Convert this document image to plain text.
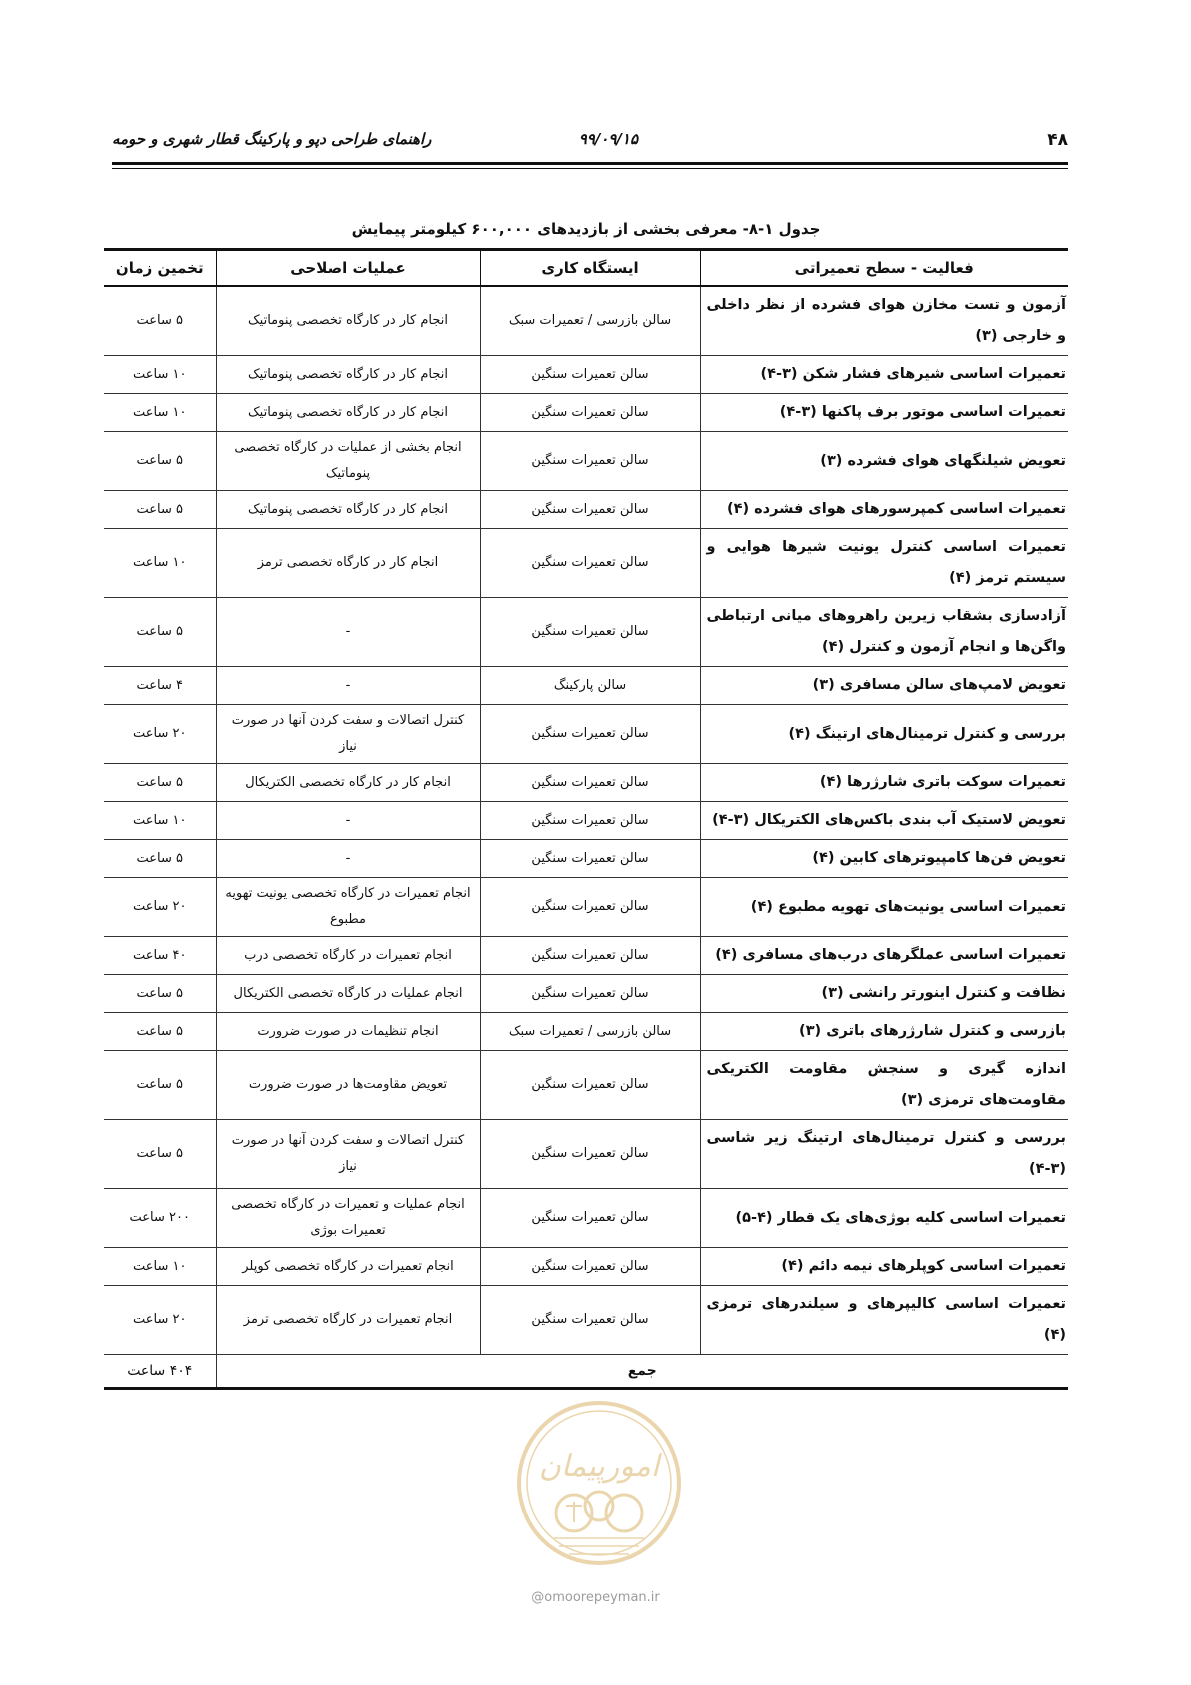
۴۸
۹۹/۰۹/۱۵
راهنمای طراحی دپو و پارکینگ قطار شهری و حومه
جدول ۱-۸- معرفی بخشی از بازدیدهای ۶۰۰,۰۰۰ کیلومتر پیمایش
فعالیت - سطح تعمیراتی	ایستگاه کاری	عملیات اصلاحی	تخمین زمان
آزمون و تست مخازن هوای فشرده از نظر داخلی و خارجی (۳)	سالن بازرسی / تعمیرات سبک	انجام کار در کارگاه تخصصی پنوماتیک	۵ ساعت
تعمیرات اساسی شیرهای فشار شکن (۳-۴)	سالن تعمیرات سنگین	انجام کار در کارگاه تخصصی پنوماتیک	۱۰ ساعت
تعمیرات اساسی موتور برف پاکنها (۳-۴)	سالن تعمیرات سنگین	انجام کار در کارگاه تخصصی پنوماتیک	۱۰ ساعت
تعویض شیلنگهای هوای فشرده (۳)	سالن تعمیرات سنگین	انجام بخشی از عملیات در کارگاه تخصصی پنوماتیک	۵ ساعت
تعمیرات اساسی کمپرسورهای هوای فشرده (۴)	سالن تعمیرات سنگین	انجام کار در کارگاه تخصصی پنوماتیک	۵ ساعت
تعمیرات اساسی کنترل یونیت شیرها هوایی و سیستم ترمز (۴)	سالن تعمیرات سنگین	انجام کار در کارگاه تخصصی ترمز	۱۰ ساعت
آزادسازی بشقاب زیرین راهروهای میانی ارتباطی واگن‌ها و انجام آزمون و کنترل (۴)	سالن تعمیرات سنگین	-	۵ ساعت
تعویض لامپ‌های سالن مسافری (۳)	سالن پارکینگ	-	۴ ساعت
بررسی و کنترل ترمینال‌های ارتینگ (۴)	سالن تعمیرات سنگین	کنترل اتصالات و سفت کردن آنها در صورت نیاز	۲۰ ساعت
تعمیرات سوکت باتری شارژرها (۴)	سالن تعمیرات سنگین	انجام کار در کارگاه تخصصی الکتریکال	۵ ساعت
تعویض لاستیک آب بندی باکس‌های الکتریکال (۳-۴)	سالن تعمیرات سنگین	-	۱۰ ساعت
تعویض فن‌ها کامپیوترهای کابین (۴)	سالن تعمیرات سنگین	-	۵ ساعت
تعمیرات اساسی یونیت‌های تهویه مطبوع (۴)	سالن تعمیرات سنگین	انجام تعمیرات در کارگاه تخصصی یونیت تهویه مطبوع	۲۰ ساعت
تعمیرات اساسی عملگرهای درب‌های مسافری (۴)	سالن تعمیرات سنگین	انجام تعمیرات در کارگاه تخصصی درب	۴۰ ساعت
نظافت و کنترل اینورتر رانشی (۳)	سالن تعمیرات سنگین	انجام عملیات در کارگاه تخصصی الکتریکال	۵ ساعت
بازرسی و کنترل شارژرهای باتری (۳)	سالن بازرسی / تعمیرات سبک	انجام تنظیمات در صورت ضرورت	۵ ساعت
اندازه گیری و سنجش مقاومت الکتریکی مقاومت‌های ترمزی (۳)	سالن تعمیرات سنگین	تعویض مقاومت‌ها در صورت ضرورت	۵ ساعت
بررسی و کنترل ترمینال‌های ارتینگ زیر شاسی (۳-۴)	سالن تعمیرات سنگین	کنترل اتصالات و سفت کردن آنها در صورت نیاز	۵ ساعت
تعمیرات اساسی کلیه بوژی‌های یک قطار (۴-۵)	سالن تعمیرات سنگین	انجام عملیات و تعمیرات در کارگاه تخصصی تعمیرات بوژی	۲۰۰ ساعت
تعمیرات اساسی کوپلرهای نیمه دائم (۴)	سالن تعمیرات سنگین	انجام تعمیرات در کارگاه تخصصی کوپلر	۱۰ ساعت
تعمیرات اساسی کالیپرهای و سیلندرهای ترمزی (۴)	سالن تعمیرات سنگین	انجام تعمیرات در کارگاه تخصصی ترمز	۲۰ ساعت
جمع			۴۰۴ ساعت
امورپیمان
@omoorepeyman.ir
